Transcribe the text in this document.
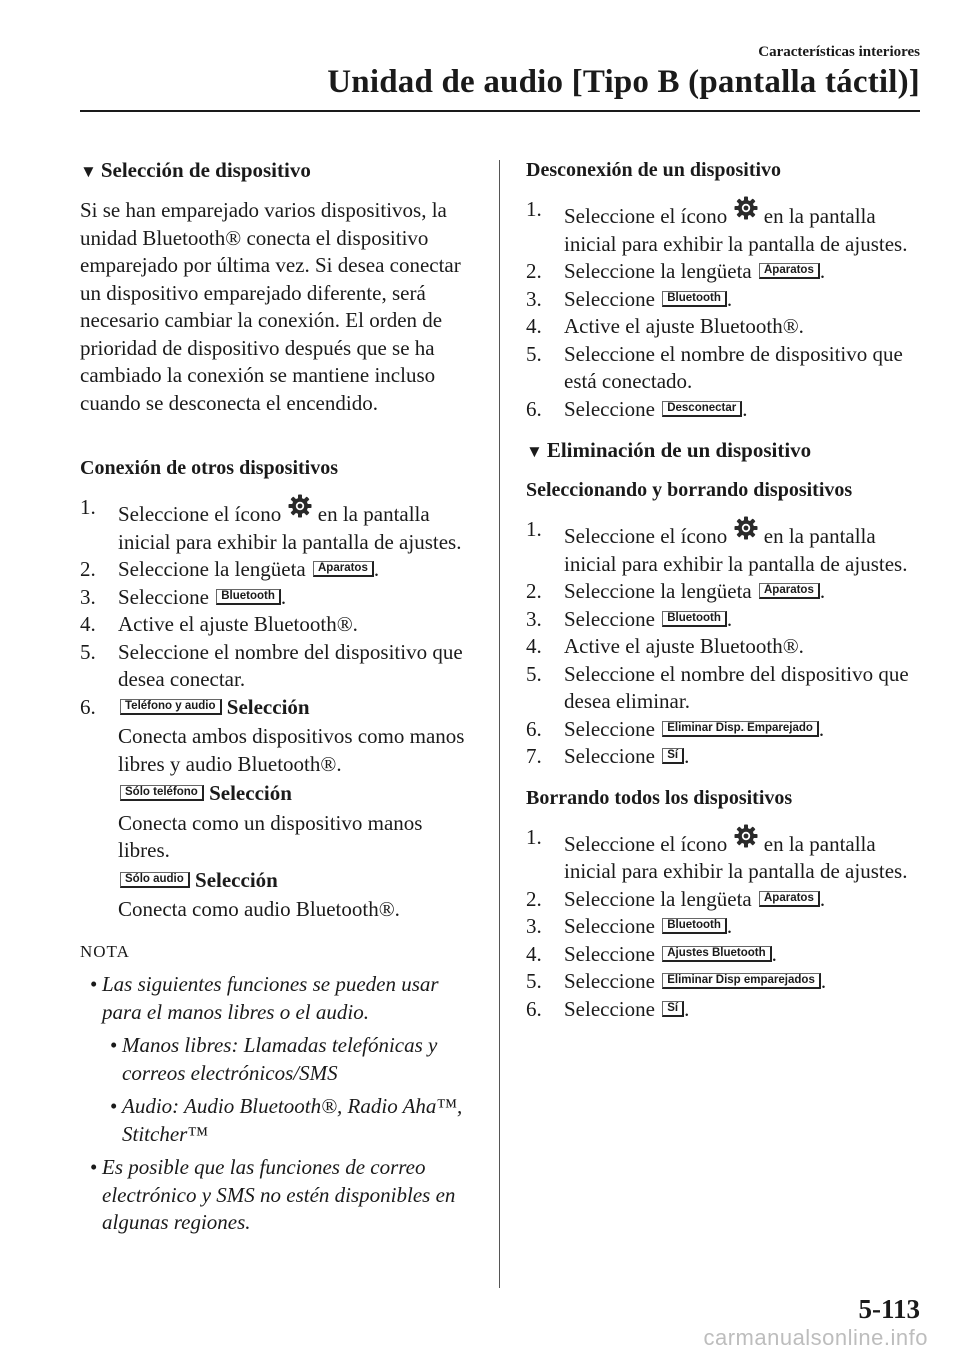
Características interiores
Unidad de audio [Tipo B (pantalla táctil)]
▼ Selección de dispositivo

Si se han emparejado varios dispositivos, la unidad Bluetooth® conecta el dispositivo emparejado por última vez. Si desea conectar un dispositivo emparejado diferente, será necesario cambiar la conexión. El orden de prioridad de dispositivo después que se ha cambiado la conexión se mantiene incluso cuando se desconecta el encendido.

Conexión de otros dispositivos
1. Seleccione el ícono en la pantalla inicial para exhibir la pantalla de ajustes.
2. Seleccione la lengüeta Aparatos .
3. Seleccione Bluetooth .
4. Active el ajuste Bluetooth®.
5. Seleccione el nombre del dispositivo que desea conectar.
6.	Teléfono y audio Selección
Conecta ambos dispositivos como manos libres y audio Bluetooth®.
Sólo teléfono Selección
Conecta como un dispositivo manos libres.
Sólo audio Selección
Conecta como audio Bluetooth®.
NOTA
• Las siguientes funciones se pueden usar para el manos libres o el audio.
• Manos libres: Llamadas telefónicas y correos electrónicos/SMS
• Audio: Audio Bluetooth®, Radio Aha™, Stitcher™
• Es posible que las funciones de correo electrónico y SMS no estén disponibles en algunas regiones.
Desconexión de un dispositivo
1. Seleccione el ícono en la pantalla inicial para exhibir la pantalla de ajustes.
2. Seleccione la lengüeta Aparatos .
3. Seleccione Bluetooth .
4. Active el ajuste Bluetooth®.
5. Seleccione el nombre de dispositivo que está conectado.
6. Seleccione Desconectar .
▼ Eliminación de un dispositivo
Seleccionando y borrando dispositivos
1. Seleccione el ícono en la pantalla inicial para exhibir la pantalla de ajustes.
2. Seleccione la lengüeta Aparatos .
3. Seleccione Bluetooth .
4. Active el ajuste Bluetooth®.
5. Seleccione el nombre del dispositivo que desea eliminar.
6. Seleccione Eliminar Disp. Emparejado .
7. Seleccione Sí .
Borrando todos los dispositivos
1. Seleccione el ícono en la pantalla inicial para exhibir la pantalla de ajustes.
2. Seleccione la lengüeta Aparatos .
3. Seleccione Bluetooth .
4. Seleccione Ajustes Bluetooth .
5. Seleccione Eliminar Disp emparejados .
6. Seleccione Sí .
5-113
carmanualsonline.info
